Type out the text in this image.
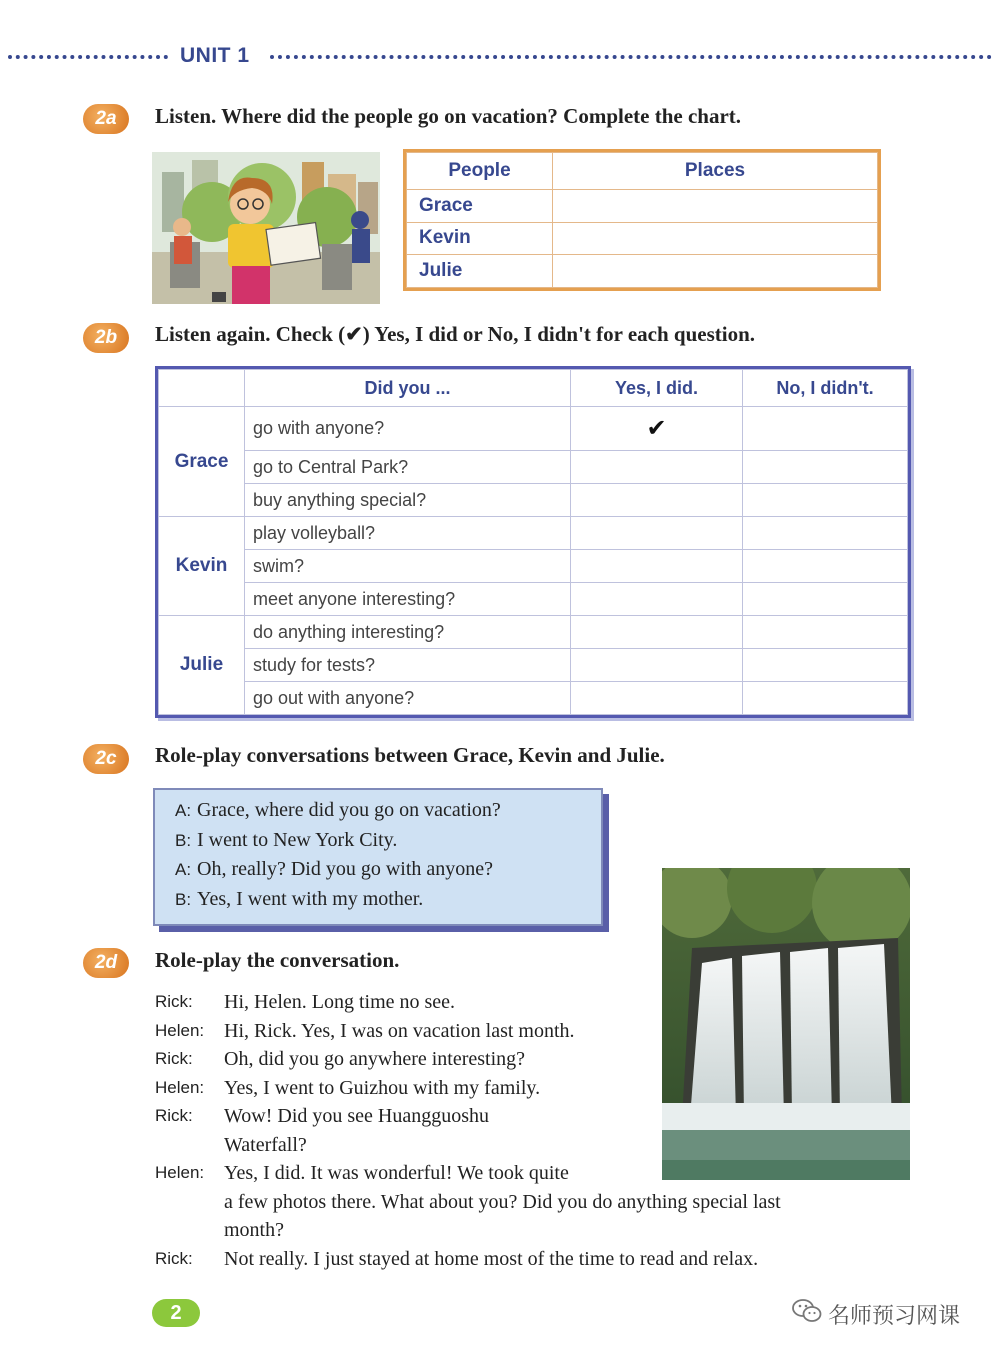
UNIT 1
2a	Listen. Where did the people go on vacation? Complete the chart.
People	Places
Grace	
Kevin	
Julie	
2b	Listen again. Check (✔) Yes, I did or No, I didn't for each question.
	Did you ...	Yes, I did.	No, I didn't.
Grace	go with anyone?	✔	
	go to Central Park?		
	buy anything special?		
Kevin	play volleyball?		
	swim?		
	meet anyone interesting?		
Julie	do anything interesting?		
	study for tests?		
	go out with anyone?		
2c	Role-play conversations between Grace, Kevin and Julie.
A: Grace, where did you go on vacation?
B: I went to New York City.
A: Oh, really? Did you go with anyone?
B: Yes, I went with my mother.
2d	Role-play the conversation.
Rick: Hi, Helen. Long time no see.
Helen: Hi, Rick. Yes, I was on vacation last month.
Rick: Oh, did you go anywhere interesting?
Helen: Yes, I went to Guizhou with my family.
Rick: Wow! Did you see Huangguoshu
Waterfall?
Helen: Yes, I did. It was wonderful! We took quite
a few photos there. What about you? Did you do anything special last
month?
Rick: Not really. I just stayed at home most of the time to read and relax.
2	名师预习网课
